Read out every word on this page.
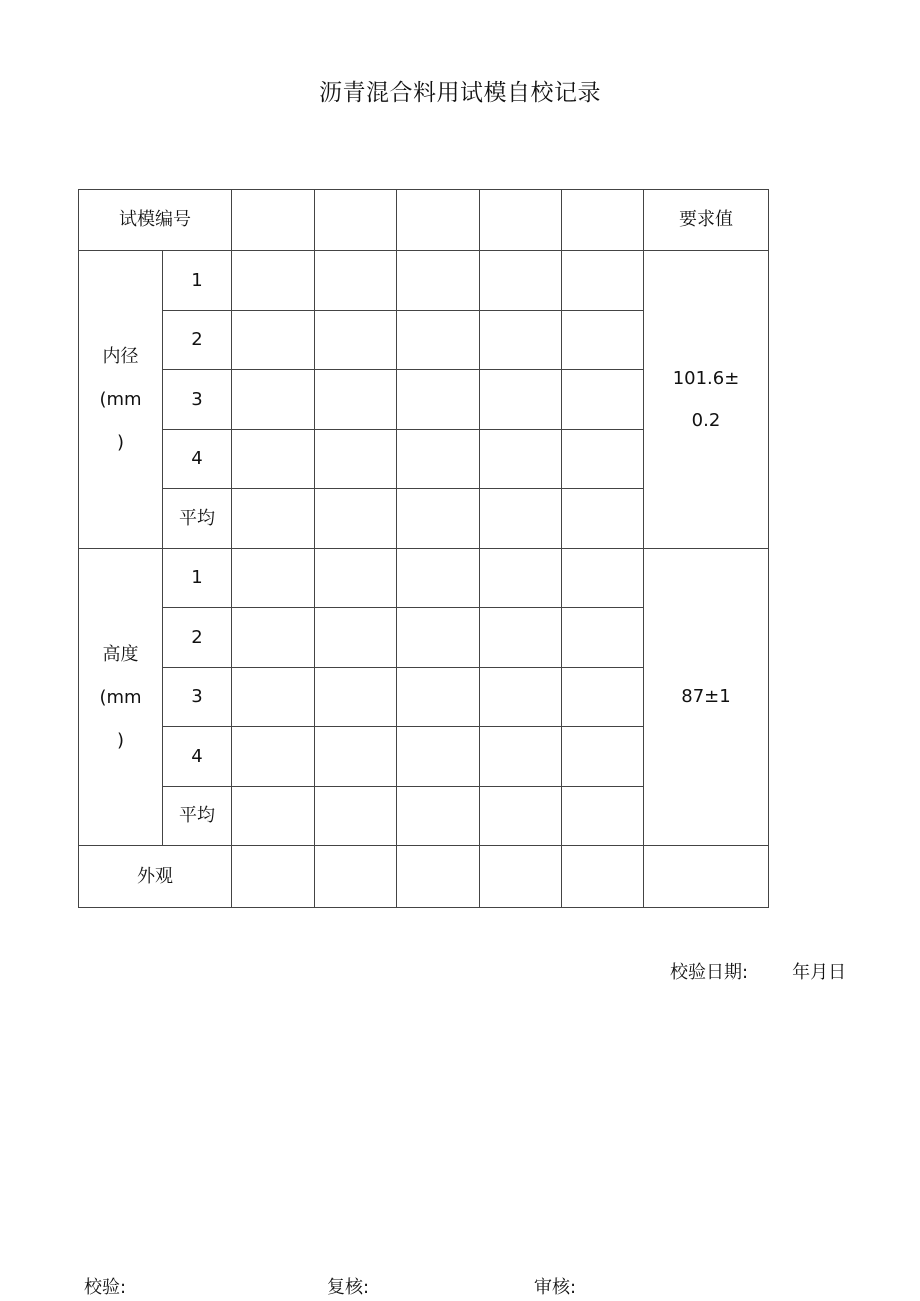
沥青混合料用试模自校记录
试模编号							要求值

内径
(mm
)	1						101.6±
0.2

	2						
	3						
	4						
	平均						

高度
(mm
)	1						87±1
	2						
	3						
	4						
	平均						
外观							
校验日期: 年月日
校验:	复核:	审核:
